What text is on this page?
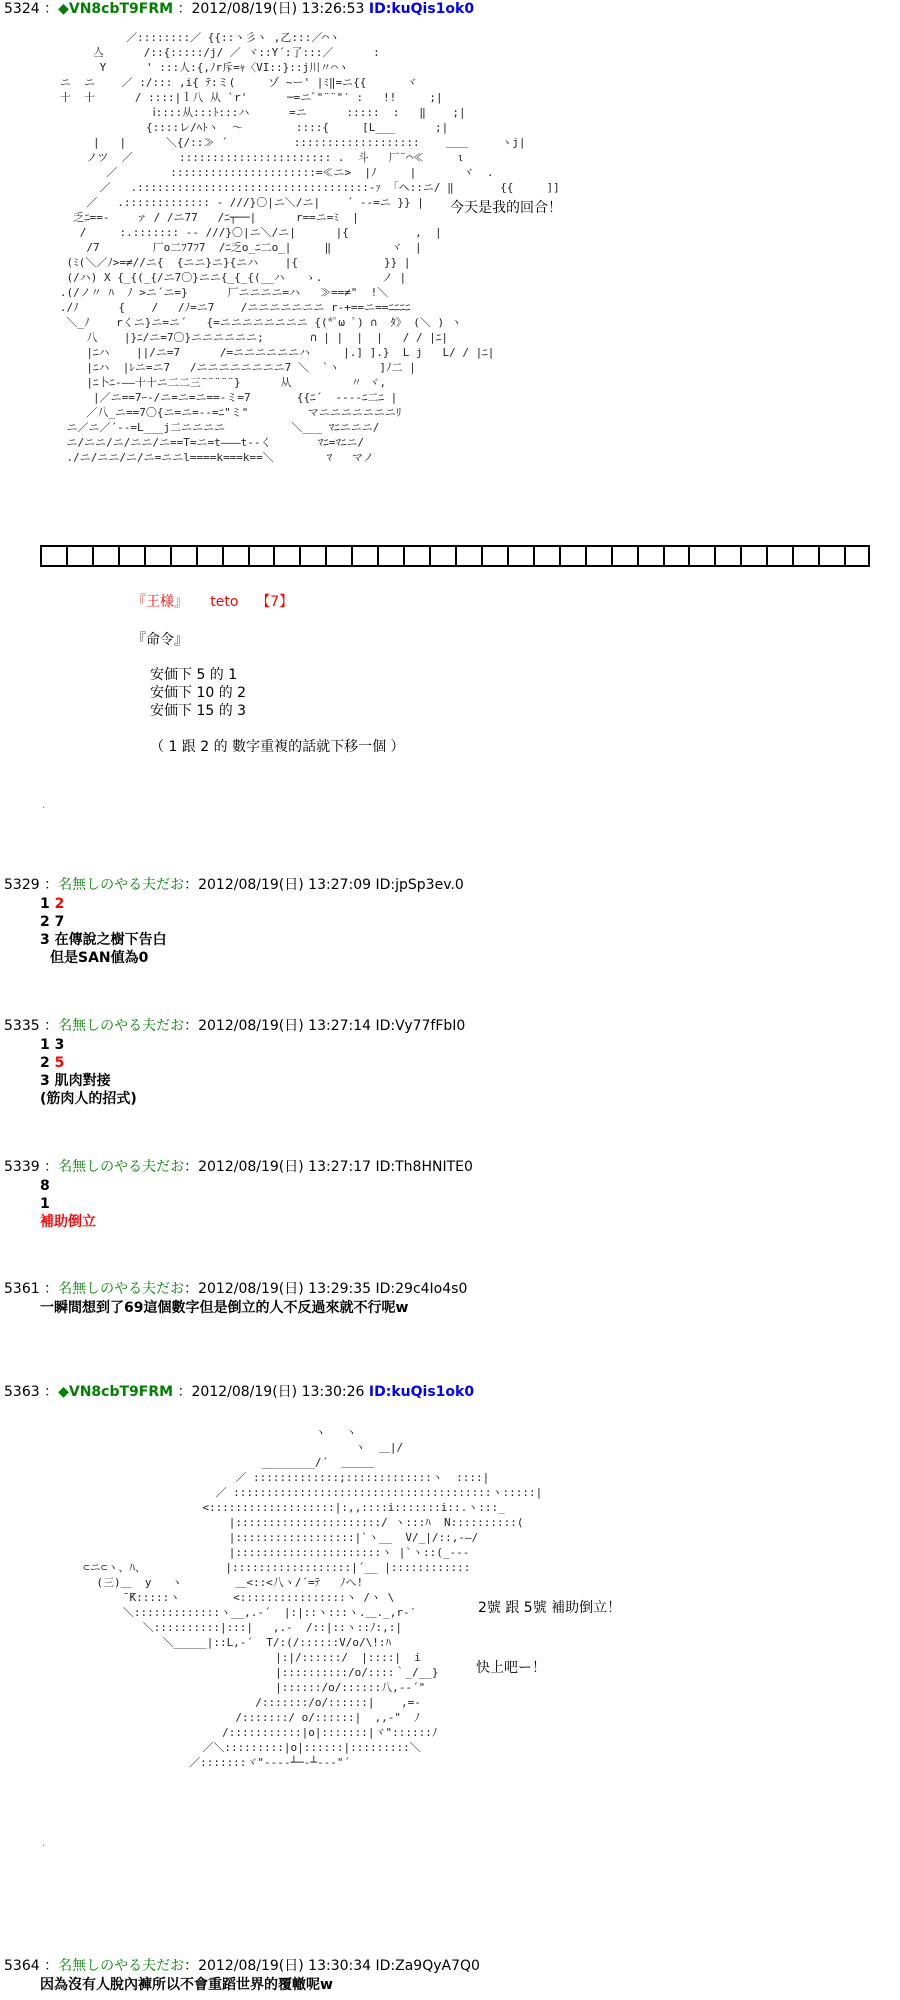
5324 ：◆VN8cbT9FRM ：2012/08/19(日) 13:26:53 ID:kuQis1ok0
／::::::::／ {{::ヽ彡ヽ ,乙:::／⌒ヽ
亼      /::{:::::/j/ ／ ヾ::Y´:了:::／      :
Y      ' :::人:{,ﾉr斥=ｬ〈VI::}::j川〃⌒ヽ
ニ  ニ    ／ :/::: ,i{ ﾃ:ミ(     ゾ ~ー' |ﾐ‖=ニ{{      ヾ
十  十      / ::::|ｌ八 从 `r'      ─=ニﾞ"¨¨"′ :   !!     ;|
ⅰ::::从:::ﾄ:::ハ      =ニ      :::::  :   ‖    ;|
{::::レ/ﾍﾄヽ  〜        ::::{     [L___      ;|
|   |      ＼{/::≫ ´          :::::::::::::::::::    ＿＿     ヽj|
ノツ  ／       ::::::::::::::::::::::: .  斗   厂¨⌒≪     ι
／        ::::::::::::::::::::::=≪ニ>  |ﾉ     |       ヾ  .
／   .:::::::::::::::::::::::::::::::::::-ｧ 「ヘ::ニ/ ‖       {{     ]]
／   .::::::::::::: ‐ ///}〇|ニ＼/ニ|    ´ ‐‐=ニ }} |
乏ﾆ==‐    ァ / /ニ77   /ﾆ┬──|      r==ニ=ﾐ  |
/     :.::::::: ‐‐ ///}〇|ニ＼/ニ|      |{          ,  |
/7        厂o二ﾌ7ﾌ7  /ﾆ乏o_ﾆ二o_|     ‖         ヾ  |
(ﾐ(＼／ﾉ>=≠//ニ{  {ニニ}ニ}{ニハ    |{             }} |
(/ハ) X {_{(_{/ニ7〇}ニニ{_{_{(__ハ   ゝ.         ノ |
.(/ノ〃 ﾊ  ﾉ >ニ´ニ=}      厂ニニニニ=ハ   ≫==≠"  !＼
./ﾉ      {    /   /ﾉ=ニ7    /ニニニニニニニ r‐+==ニ==ﾆﾆﾆﾆ
＼_ﾉ    rくニ}ニ=ニ´   {=ニニニニニニニニ {(*ﾟω ﾟ) ∩  ﾀ》 (＼ ) ヽ
八    |}ﾆ/ニ=7〇}ニニニニニニ;       ∩ | |  |  |   / / |ﾆ|
|ﾆハ    ||/ニ=7      /=ニニニニニニハ     |.] ].}  L j   L/ / |ﾆ|
|ﾆハ  |ﾚニ=ニ7   /ニニニニニニニニ7 ＼  `ヽ      ]ﾉ二 |
|ﾆ卜ﾆ‐――十十ニ二二三¨¨¨¨¨}      从         〃 ヾ,
|／ニ==7ｰ‐/ニ=ニ=ニ==‐ミ=7       {{ﾆ´  ‐‐‐‐ﾆ二ﾆ |
／八_ニ==7〇{ニ=ニ=‐‐=ﾆ"ミ"         マニニニニニニニﾘ
ニ／ニ／´‐‐=L___j二ニニニニ          ＼___ ﾏﾆニニニ/
ニ/ニニ/ニ/ニニ/ニ==T=ニ=t―――t‐‐く       ﾏﾆ=ﾏﾆニ/
./ニ/ニニ/ニ/ニ=ニニl====k===k==＼        ﾏ   マノ
今天是我的回合！
『王様』 teto 【7】
『命令』
安価下 5 的 1
安価下 10 的 2
安価下 15 的 3
（ 1 跟 2 的 數字重複的話就下移一個 ）
.
5329 ：名無しのやる夫だお：2012/08/19(日) 13:27:09 ID:jpSp3ev.0
1 2
2 7
3 在傳說之樹下告白
但是SAN値為0
5335 ：名無しのやる夫だお：2012/08/19(日) 13:27:14 ID:Vy77fFbI0
1 3
2 5
3 肌肉對接
(筋肉人的招式)
5339 ：名無しのやる夫だお：2012/08/19(日) 13:27:17 ID:Th8HNITE0
8
1
補助倒立
5361 ：名無しのやる夫だお：2012/08/19(日) 13:29:35 ID:29c4Io4s0
一瞬間想到了69這個數字但是倒立的人不反過來就不行呢w
5363 ：◆VN8cbT9FRM ：2012/08/19(日) 13:30:26 ID:kuQis1ok0
ヽ   ヽ
ヽ  ＿|/
________/´  ＿＿＿
／ :::::::::::::;:::::::::::::ヽ  ::::|
／ :::::::::::::::::::::::::::::::::::::::ヽ:::::|
<:::::::::::::::::::|:,,::::i:::::::i::.ヽ:::_
|::::::::::::::::::::::/ ヽ:::ﾊ  N::::::::::(
|::::::::::::::::::|`ヽ__  V/_|/::,‐―/
|::::::::::::::::::::::ヽ |`ヽ::(_‐‐‐
⊂ニ⊂ヽ、ﾊ、            |::::::::::::::::::|´__ |::::::::::::
(三)＿  y   ヽ        ＿<::<八ヽ/´=ﾃ   ﾉへ!
̄ ̄K:::::ヽ        <::::::::::::::::ヽ /ヽ \
＼:::::::::::::ヽ__,.‐´  |:|::ヽ:::ヽ.＿._,r‐′
＼::::::::::|:::|   ,.-  /::|::ヽ::ﾉ:,:|
＼_____|::L,‐´  T/:(/::::::V/o/\!:ﾊ
|:|/::::::/  |::::|  i
|::::::::::/o/::::｀_/__}
|::::::/o/::::::八,-‐´"
/:::::::/o/::::::|    ,=-
/:::::::/ o/::::::|  ,,‐"  ﾉ
/:::::::::::|o|:::::::|ヾ"::::::ﾉ
／＼:::::::::|o|::::::|:::::::::＼
／:::::::ヾ"‐‐‐‐┴─‐┴‐‐‐"´
2號 跟 5號 補助倒立！
快上吧ー！
.
5364 ：名無しのやる夫だお：2012/08/19(日) 13:30:34 ID:Za9QyA7Q0
因為沒有人脫內褲所以不會重蹈世界的覆轍呢w
